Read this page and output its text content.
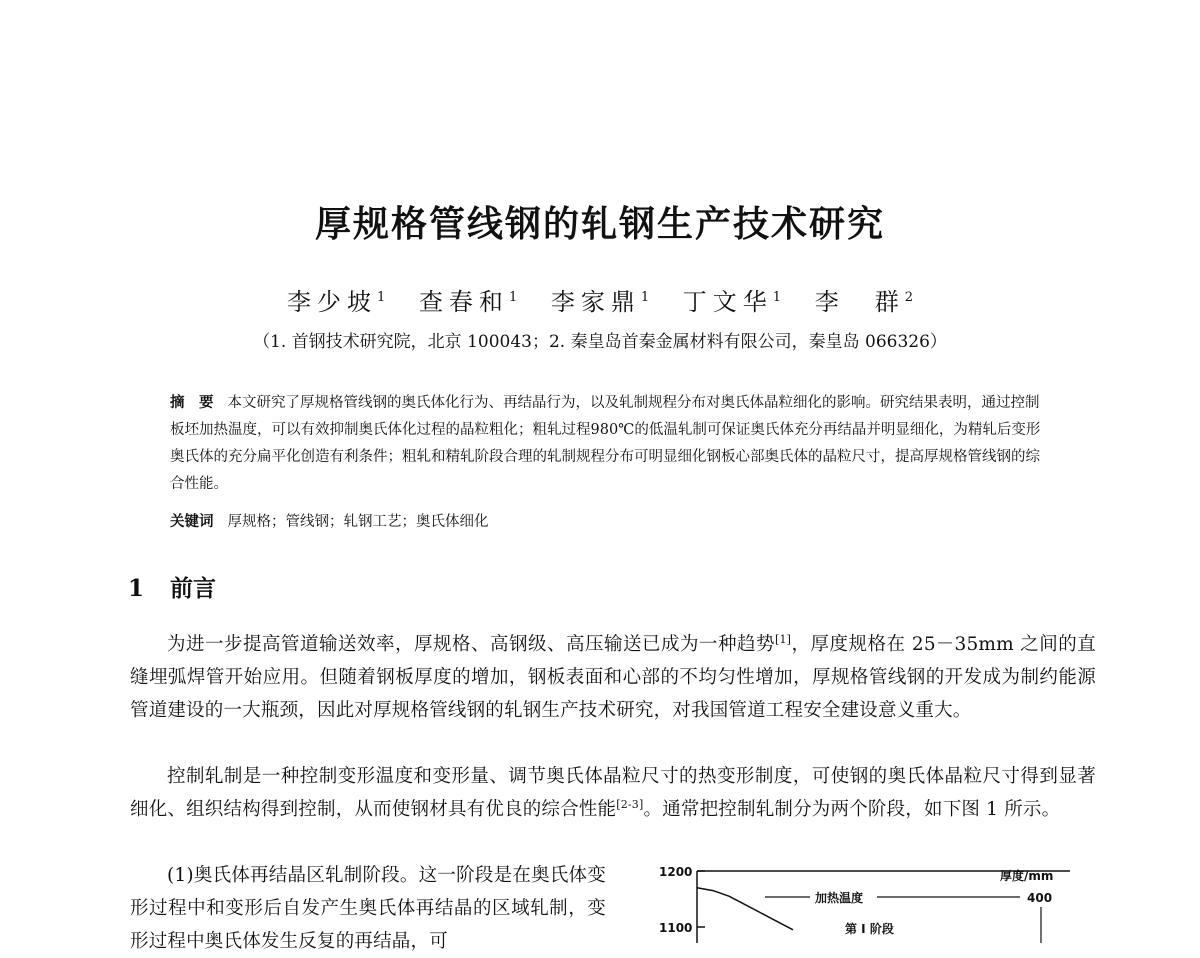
厚规格管线钢的轧钢生产技术研究
李少坡$^1$ 查春和$^1$ 李家鼎$^1$ 丁文华$^1$ 李　群$^2$
（1. 首钢技术研究院，北京 100043；2. 秦皇岛首秦金属材料有限公司，秦皇岛 066326）
摘　要 本文研究了厚规格管线钢的奥氏体化行为、再结晶行为，以及轧制规程分布对奥氏体晶粒细化的影响。研究结果表明，通过控制板坯加热温度，可以有效抑制奥氏体化过程的晶粒粗化；粗轧过程980℃的低温轧制可保证奥氏体充分再结晶并明显细化，为精轧后变形奥氏体的充分扁平化创造有利条件；粗轧和精轧阶段合理的轧制规程分布可明显细化钢板心部奥氏体的晶粒尺寸，提高厚规格管线钢的综合性能。
关键词 厚规格；管线钢；轧钢工艺；奥氏体细化
1 前言
为进一步提高管道输送效率，厚规格、高钢级、高压输送已成为一种趋势[1]，厚度规格在 25－35mm 之间的直缝埋弧焊管开始应用。但随着钢板厚度的增加，钢板表面和心部的不均匀性增加，厚规格管线钢的开发成为制约能源管道建设的一大瓶颈，因此对厚规格管线钢的轧钢生产技术研究，对我国管道工程安全建设意义重大。
控制轧制是一种控制变形温度和变形量、调节奥氏体晶粒尺寸的热变形制度，可使钢的奥氏体晶粒尺寸得到显著细化、组织结构得到控制，从而使钢材具有优良的综合性能[2-3]。通常把控制轧制分为两个阶段，如下图 1 所示。
(1)奥氏体再结晶区轧制阶段。这一阶段是在奥氏体变形过程中和变形后自发产生奥氏体再结晶的区域轧制，变形过程中奥氏体发生反复的再结晶，可
1200
1100
厚度/mm
加热温度	400
第 I 阶段
